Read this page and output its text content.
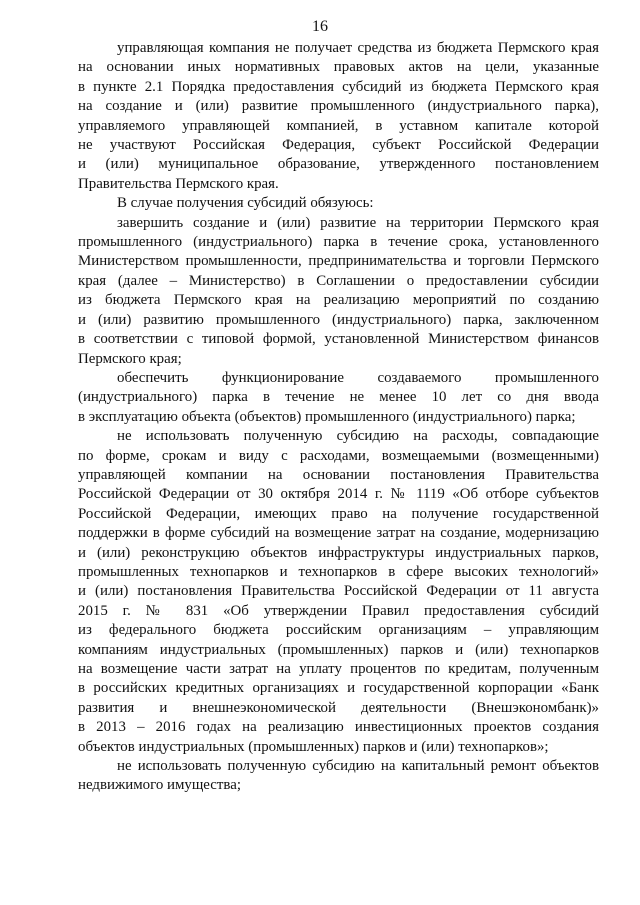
16
управляющая компания не получает средства из бюджета Пермского края
на основании иных нормативных правовых актов на цели, указанные
в пункте 2.1 Порядка предоставления субсидий из бюджета Пермского края
на создание и (или) развитие промышленного (индустриального парка),
управляемого управляющей компанией, в уставном капитале которой
не участвуют Российская Федерация, субъект Российской Федерации
и (или) муниципальное образование, утвержденного постановлением
Правительства Пермского края.
В случае получения субсидий обязуюсь:
завершить создание и (или) развитие на территории Пермского края
промышленного (индустриального) парка в течение срока, установленного
Министерством промышленности, предпринимательства и торговли Пермского
края (далее – Министерство) в Соглашении о предоставлении субсидии
из бюджета Пермского края на реализацию мероприятий по созданию
и (или) развитию промышленного (индустриального) парка, заключенном
в соответствии с типовой формой, установленной Министерством финансов
Пермского края;
обеспечить функционирование создаваемого промышленного
(индустриального) парка в течение не менее 10 лет со дня ввода
в эксплуатацию объекта (объектов) промышленного (индустриального) парка;
не использовать полученную субсидию на расходы, совпадающие
по форме, срокам и виду с расходами, возмещаемыми (возмещенными)
управляющей компании на основании постановления Правительства
Российской Федерации от 30 октября 2014 г. № 1119 «Об отборе субъектов
Российской Федерации, имеющих право на получение государственной
поддержки в форме субсидий на возмещение затрат на создание, модернизацию
и (или) реконструкцию объектов инфраструктуры индустриальных парков,
промышленных технопарков и технопарков в сфере высоких технологий»
и (или) постановления Правительства Российской Федерации от 11 августа
2015 г. № 831 «Об утверждении Правил предоставления субсидий
из федерального бюджета российским организациям – управляющим
компаниям индустриальных (промышленных) парков и (или) технопарков
на возмещение части затрат на уплату процентов по кредитам, полученным
в российских кредитных организациях и государственной корпорации «Банк
развития и внешнеэкономической деятельности (Внешэкономбанк)»
в 2013 – 2016 годах на реализацию инвестиционных проектов создания
объектов индустриальных (промышленных) парков и (или) технопарков»;
не использовать полученную субсидию на капитальный ремонт объектов
недвижимого имущества;
